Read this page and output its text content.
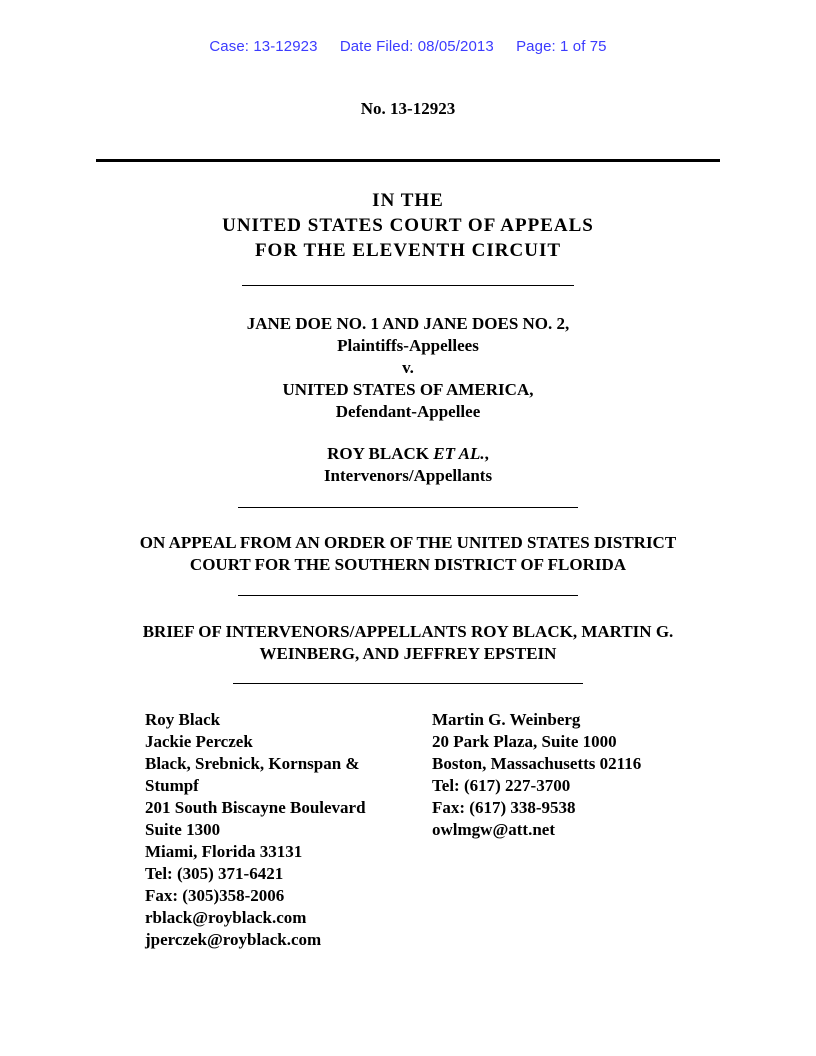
Case: 13-12923 Date Filed: 08/05/2013 Page: 1 of 75
No. 13-12923
IN THE
UNITED STATES COURT OF APPEALS
FOR THE ELEVENTH CIRCUIT
JANE DOE NO. 1 AND JANE DOES NO. 2,
Plaintiffs-Appellees
v.
UNITED STATES OF AMERICA,
Defendant-Appellee
ROY BLACK ET AL.,
Intervenors/Appellants
ON APPEAL FROM AN ORDER OF THE UNITED STATES DISTRICT
COURT FOR THE SOUTHERN DISTRICT OF FLORIDA
BRIEF OF INTERVENORS/APPELLANTS ROY BLACK, MARTIN G.
WEINBERG, AND JEFFREY EPSTEIN
Roy Black
Jackie Perczek
Black, Srebnick, Kornspan &
Stumpf
201 South Biscayne Boulevard
Suite 1300
Miami, Florida 33131
Tel: (305) 371-6421
Fax: (305)358-2006
rblack@royblack.com
jperczek@royblack.com
Martin G. Weinberg
20 Park Plaza, Suite 1000
Boston, Massachusetts 02116
Tel: (617) 227-3700
Fax: (617) 338-9538
owlmgw@att.net
